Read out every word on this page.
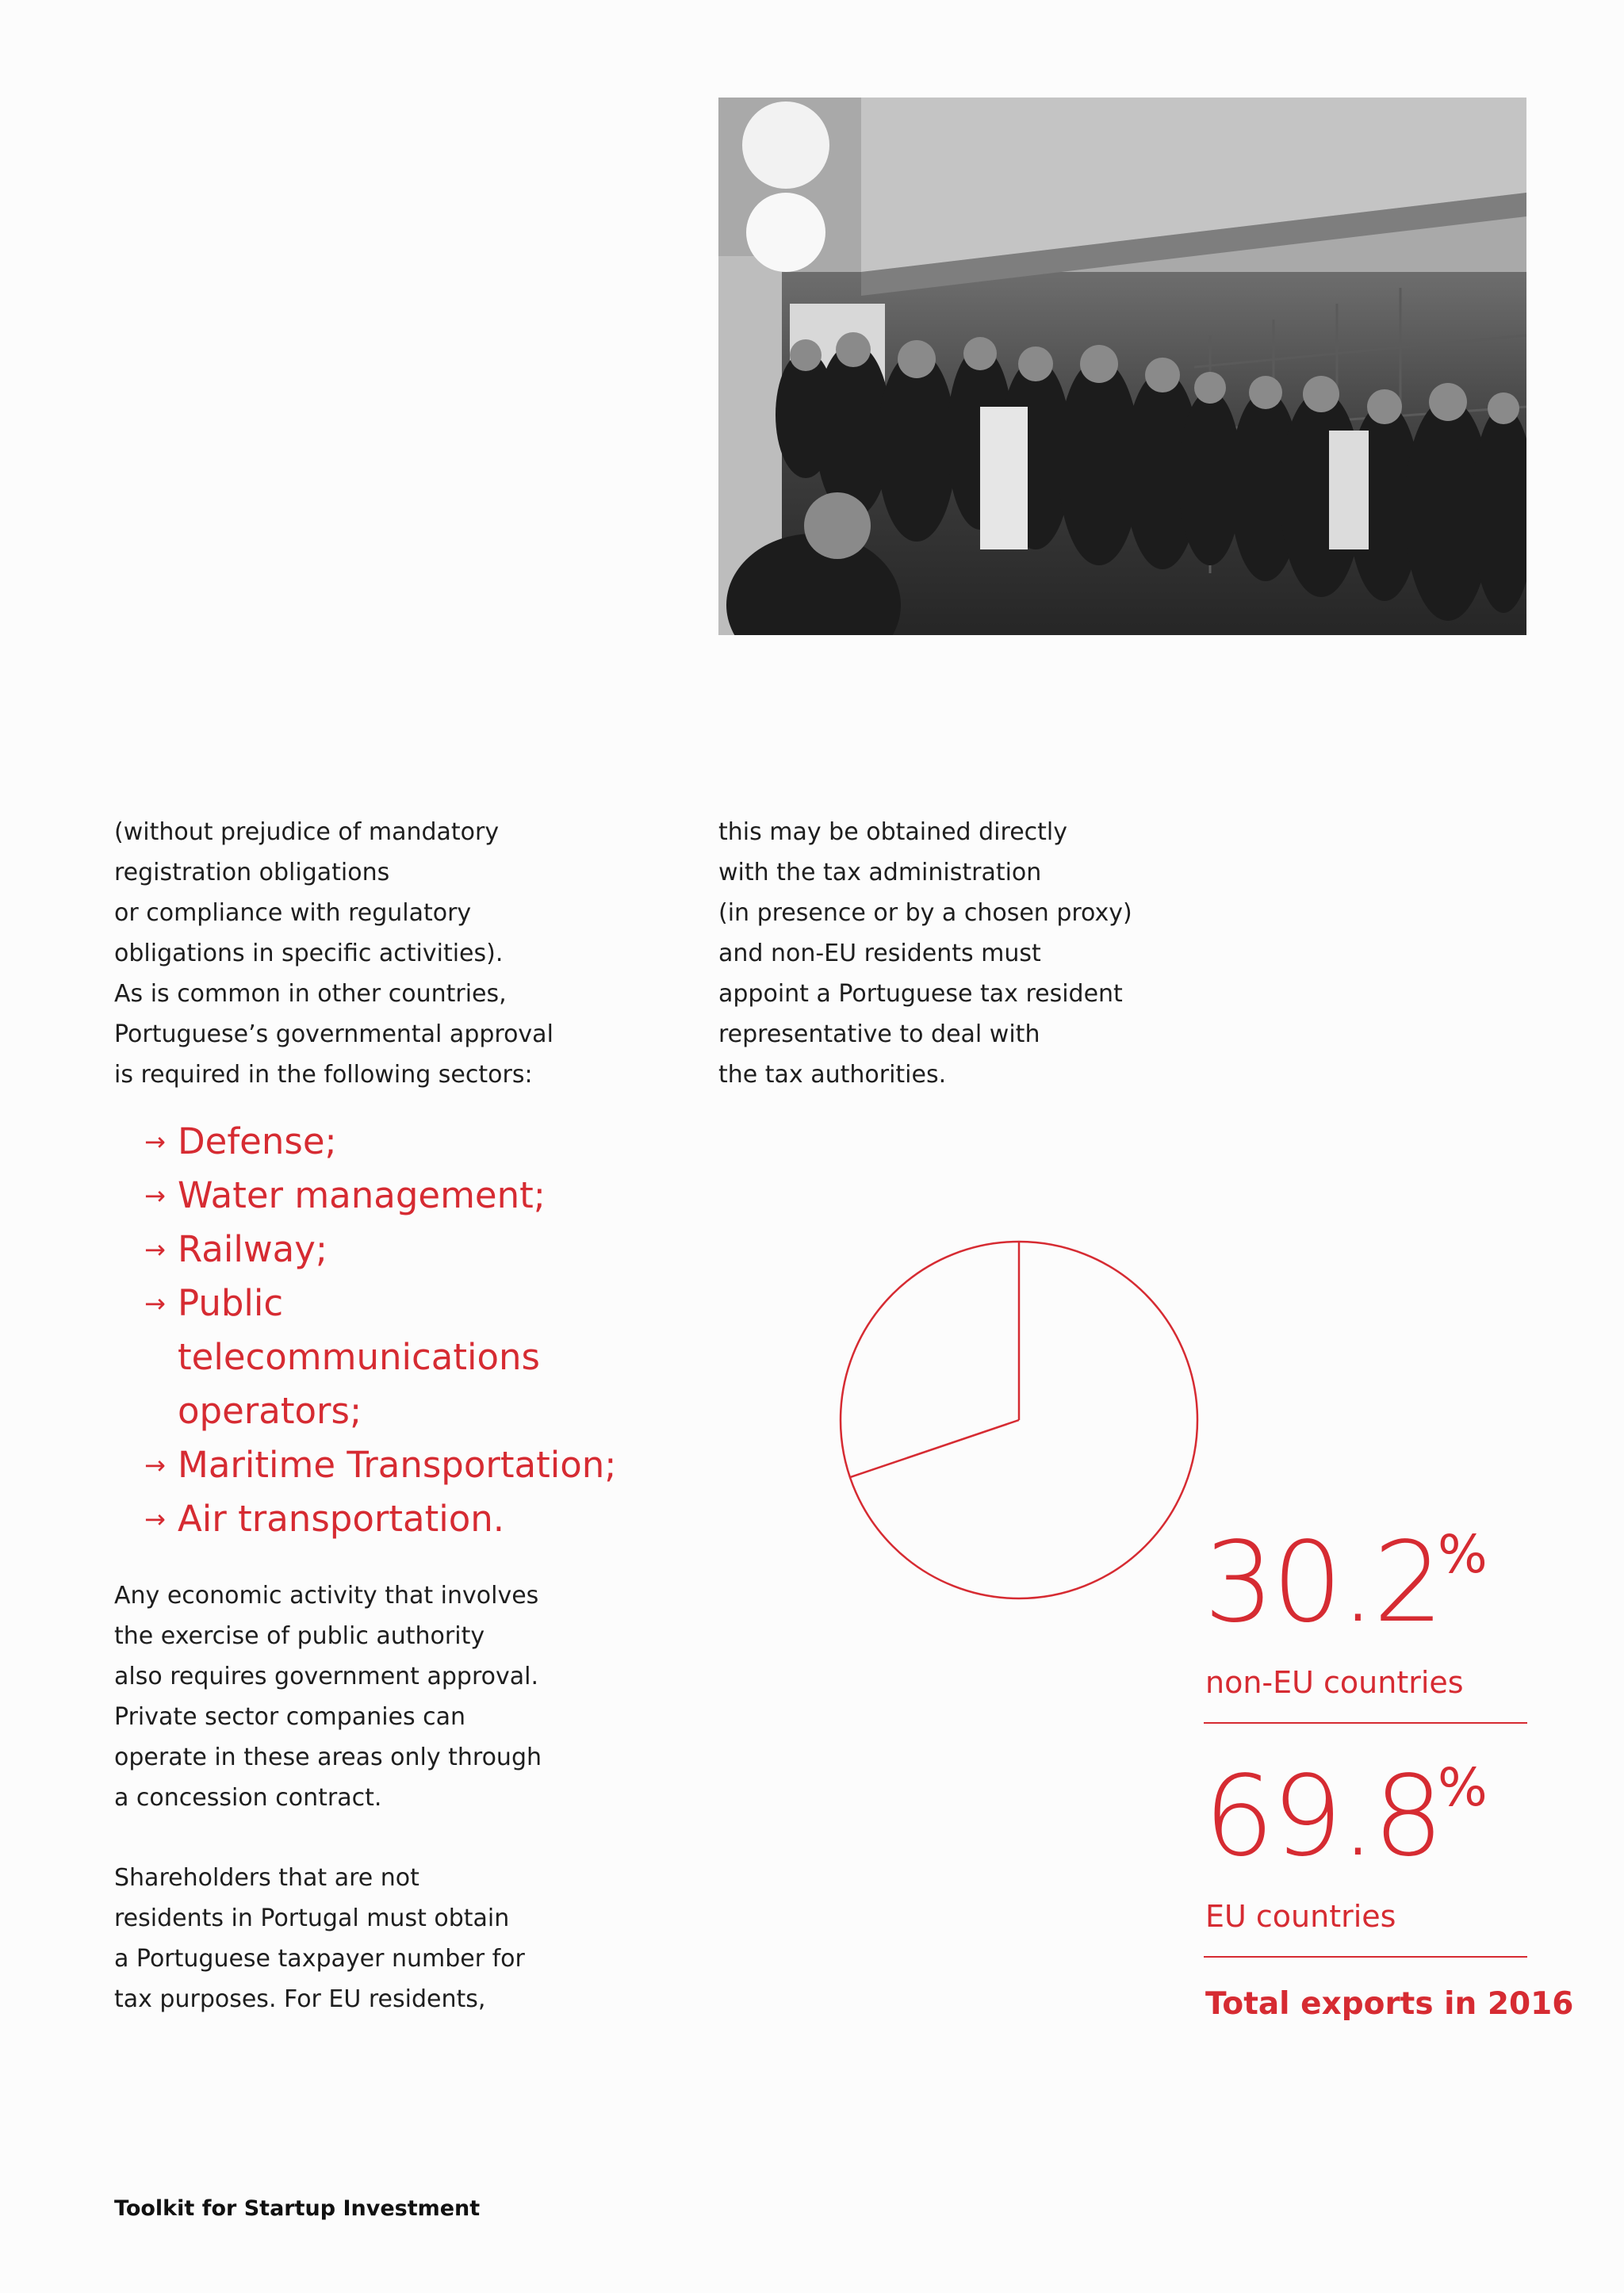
(without prejudice of mandatory
registration obligations
or compliance with regulatory
obligations in specific activities).
As is common in other countries,
Portuguese’s governmental approval
is required in the following sectors:

→ Defense;
→ Water management;
→ Railway;
→ Public telecommunications operators;
→ Maritime Transportation;
→ Air transportation.

Any economic activity that involves
the exercise of public authority
also requires government approval.
Private sector companies can
operate in these areas only through
a concession contract.

Shareholders that are not
residents in Portugal must obtain
a Portuguese taxpayer number for
tax purposes. For EU residents,

this may be obtained directly
with the tax administration
(in presence or by a chosen proxy)
and non-EU residents must
appoint a Portuguese tax resident
representative to deal with
the tax authorities.

30.2
%
non-EU countries
69.8
%
EU countries
Total exports in 2016
Toolkit for Startup Investment
